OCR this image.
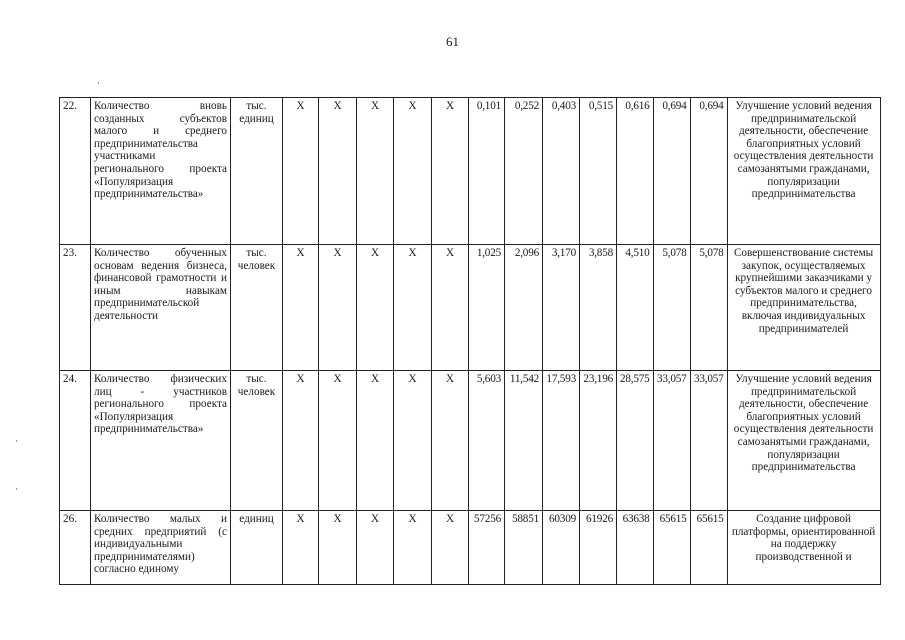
61
22.	Количество вновь созданных субъектов малого и среднего предпринимательства участниками регионального проекта «Популяризация предпринимательства»	тыс. единиц	X	X	X	X	X	0,101	0,252	0,403	0,515	0,616	0,694	0,694	Улучшение условий ведения предпринимательской деятельности, обеспечение благоприятных условий осуществления деятельности самозанятыми гражданами, популяризации предпринимательства
23.	Количество обученных основам ведения бизнеса, финансовой грамотности и иным навыкам предпринимательской деятельности	тыс. человек	X	X	X	X	X	1,025	2,096	3,170	3,858	4,510	5,078	5,078	Совершенствование системы закупок, осуществляемых крупнейшими заказчиками у субъектов малого и среднего предпринимательства, включая индивидуальных предпринимателей
24.	Количество физических лиц - участников регионального проекта «Популяризация предпринимательства»	тыс. человек	X	X	X	X	X	5,603	11,542	17,593	23,196	28,575	33,057	33,057	Улучшение условий ведения предпринимательской деятельности, обеспечение благоприятных условий осуществления деятельности самозанятыми гражданами, популяризации предпринимательства
26.	Количество малых и средних предприятий (с индивидуальными предпринимателями) согласно единому	единиц	X	X	X	X	X	57256	58851	60309	61926	63638	65615	65615	Создание цифровой платформы, ориентированной на поддержку производственной и
